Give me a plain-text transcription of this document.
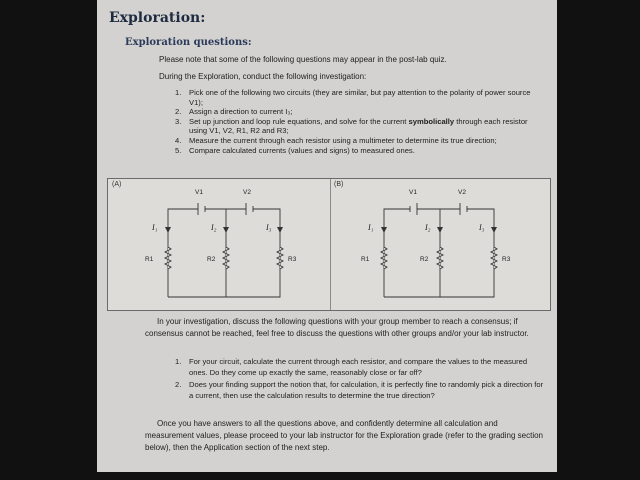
Exploration:
Exploration questions:
Please note that some of the following questions may appear in the post-lab quiz.
During the Exploration, conduct the following investigation:
1.	Pick one of the following two circuits (they are similar, but pay attention to the polarity of power source V1);
2.	Assign a direction to current I₃;
3.	Set up junction and loop rule equations, and solve for the current symbolically through each resistor using V1, V2, R1, R2 and R3;
4.	Measure the current through each resistor using a multimeter to determine its true direction;
5.	Compare calculated currents (values and signs) to measured ones.
(A)	(B)
V1	V2
I₁	I₂	I₃
R1	R2	R3
V1	V2
I₁	I₂	I₃
R1	R2	R3
In your investigation, discuss the following questions with your group member to reach a consensus; if consensus cannot be reached, feel free to discuss the questions with other groups and/or your lab instructor.
1.	For your circuit, calculate the current through each resistor, and compare the values to the measured ones. Do they come up exactly the same, reasonably close or far off?
2.	Does your finding support the notion that, for calculation, it is perfectly fine to randomly pick a direction for a current, then use the calculation results to determine the true direction?
Once you have answers to all the questions above, and confidently determine all calculation and measurement values, please proceed to your lab instructor for the Exploration grade (refer to the grading section below), then the Application section of the next step.
